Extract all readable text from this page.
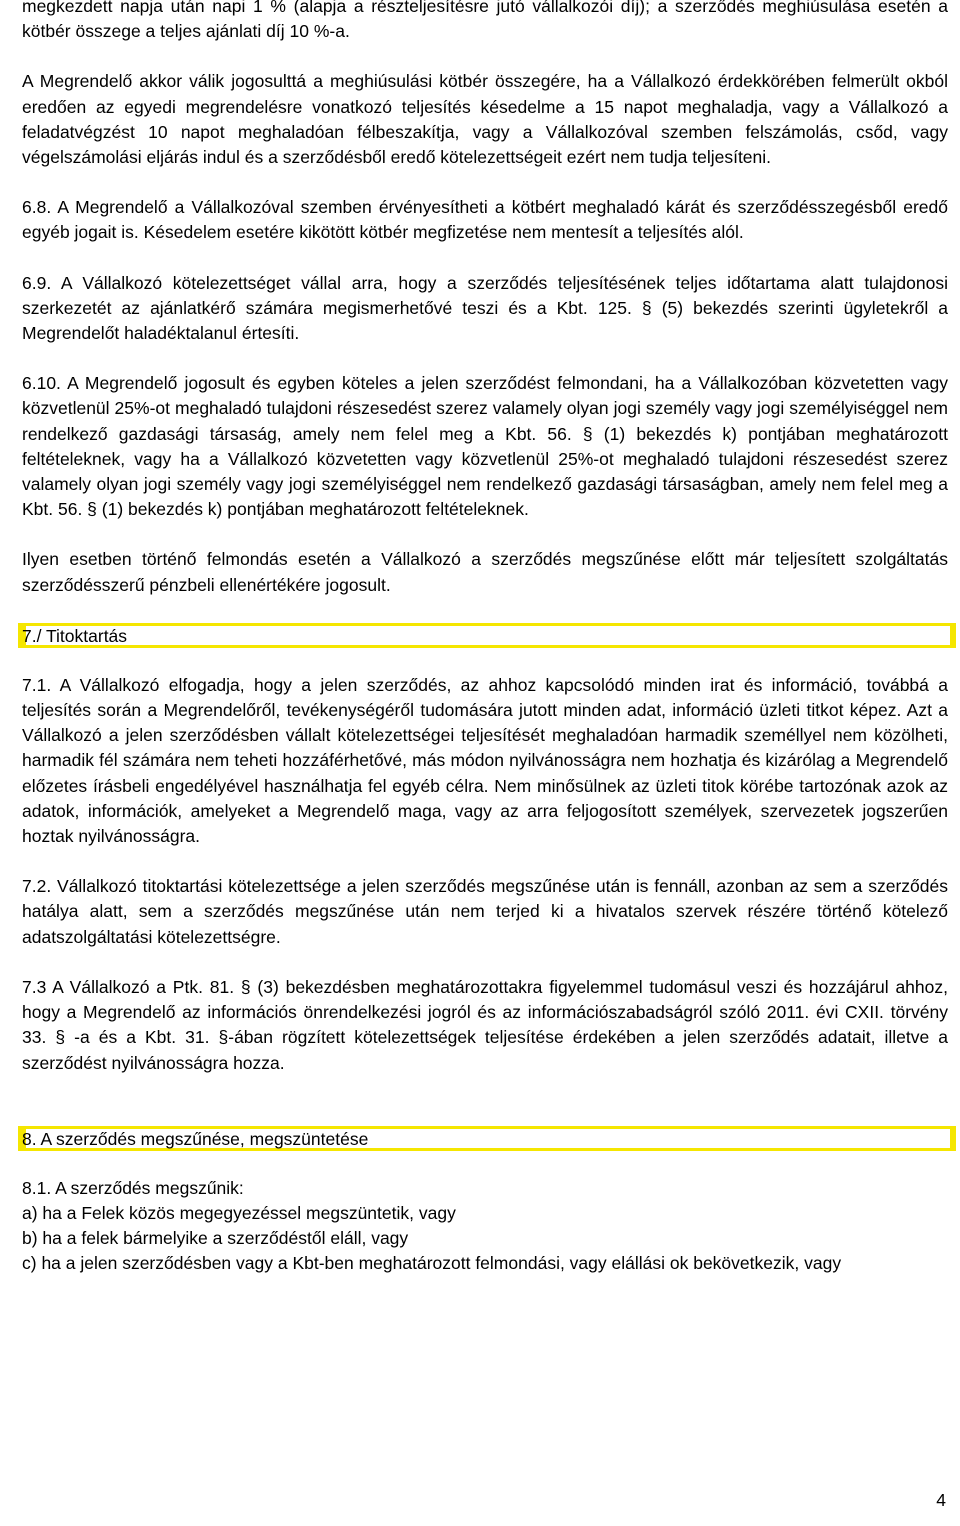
megkezdett napja után napi 1 % (alapja a részteljesítésre jutó vállalkozói díj); a szerződés meghiúsulása esetén a kötbér összege a teljes ajánlati díj 10 %-a.

A Megrendelő akkor válik jogosulttá a meghiúsulási kötbér összegére, ha a Vállalkozó érdekkörében felmerült okból eredően az egyedi megrendelésre vonatkozó teljesítés késedelme a 15 napot meghaladja, vagy a Vállalkozó a feladatvégzést 10 napot meghaladóan félbeszakítja, vagy a Vállalkozóval szemben felszámolás, csőd, vagy végelszámolási eljárás indul és a szerződésből eredő kötelezettségeit ezért nem tudja teljesíteni.

6.8. A Megrendelő a Vállalkozóval szemben érvényesítheti a kötbért meghaladó kárát és szerződésszegésből eredő egyéb jogait is. Késedelem esetére kikötött kötbér megfizetése nem mentesít a teljesítés alól.

6.9. A Vállalkozó kötelezettséget vállal arra, hogy a szerződés teljesítésének teljes időtartama alatt tulajdonosi szerkezetét az ajánlatkérő számára megismerhetővé teszi és a Kbt. 125. § (5) bekezdés szerinti ügyletekről a Megrendelőt haladéktalanul értesíti.

6.10. A Megrendelő jogosult és egyben köteles a jelen szerződést felmondani, ha a Vállalkozóban közvetetten vagy közvetlenül 25%-ot meghaladó tulajdoni részesedést szerez valamely olyan jogi személy vagy jogi személyiséggel nem rendelkező gazdasági társaság, amely nem felel meg a Kbt. 56. § (1) bekezdés k) pontjában meghatározott feltételeknek, vagy ha a Vállalkozó közvetetten vagy közvetlenül 25%-ot meghaladó tulajdoni részesedést szerez valamely olyan jogi személy vagy jogi személyiséggel nem rendelkező gazdasági társaságban, amely nem felel meg a Kbt. 56. § (1) bekezdés k) pontjában meghatározott feltételeknek.

Ilyen esetben történő felmondás esetén a Vállalkozó a szerződés megszűnése előtt már teljesített szolgáltatás szerződésszerű pénzbeli ellenértékére jogosult.

7./ Titoktartás

7.1. A Vállalkozó elfogadja, hogy a jelen szerződés, az ahhoz kapcsolódó minden irat és információ, továbbá a teljesítés során a Megrendelőről, tevékenységéről tudomására jutott minden adat, információ üzleti titkot képez. Azt a Vállalkozó a jelen szerződésben vállalt kötelezettségei teljesítését meghaladóan harmadik személlyel nem közölheti, harmadik fél számára nem teheti hozzáférhetővé, más módon nyilvánosságra nem hozhatja és kizárólag a Megrendelő előzetes írásbeli engedélyével használhatja fel egyéb célra. Nem minősülnek az üzleti titok körébe tartozónak azok az adatok, információk, amelyeket a Megrendelő maga, vagy az arra feljogosított személyek, szervezetek jogszerűen hoztak nyilvánosságra.

7.2. Vállalkozó titoktartási kötelezettsége a jelen szerződés megszűnése után is fennáll, azonban az sem a szerződés hatálya alatt, sem a szerződés megszűnése után nem terjed ki a hivatalos szervek részére történő kötelező adatszolgáltatási kötelezettségre.

7.3 A Vállalkozó a Ptk. 81. § (3) bekezdésben meghatározottakra figyelemmel tudomásul veszi és hozzájárul ahhoz, hogy a Megrendelő az információs önrendelkezési jogról és az információszabadságról szóló 2011. évi CXII. törvény 33. § -a és a Kbt. 31. §-ában rögzített kötelezettségek teljesítése érdekében a jelen szerződés adatait, illetve a szerződést nyilvánosságra hozza.

8. A szerződés megszűnése, megszüntetése

8.1. A szerződés megszűnik:

a) ha a Felek közös megegyezéssel megszüntetik, vagy

b) ha a felek bármelyike a szerződéstől eláll, vagy

c) ha a jelen szerződésben vagy a Kbt-ben meghatározott felmondási, vagy elállási ok bekövetkezik, vagy

4
